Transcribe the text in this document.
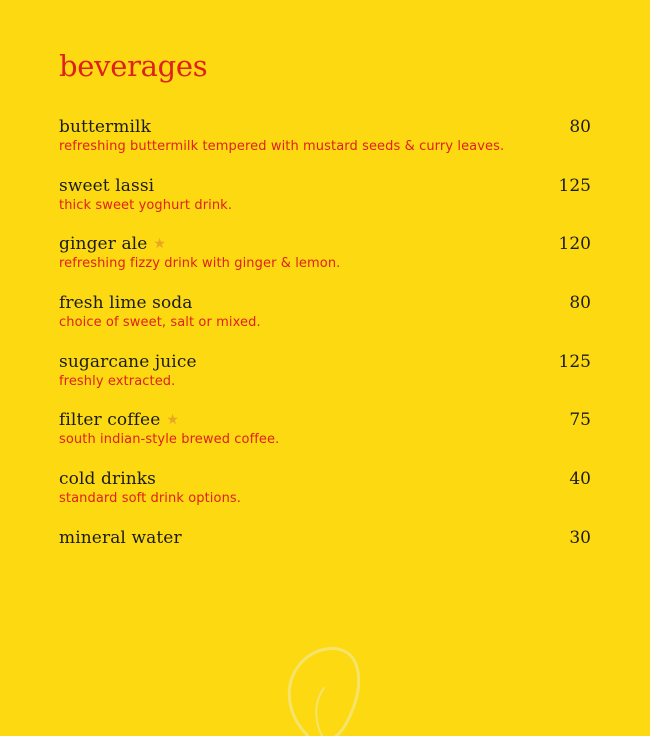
beverages
buttermilk	80
refreshing buttermilk tempered with mustard seeds & curry leaves.
sweet lassi	125
thick sweet yoghurt drink.
ginger ale ★	120
refreshing fizzy drink with ginger & lemon.
fresh lime soda	80
choice of sweet, salt or mixed.
sugarcane juice	125
freshly extracted.
filter coffee ★	75
south indian-style brewed coffee.
cold drinks	40
standard soft drink options.
mineral water	30
